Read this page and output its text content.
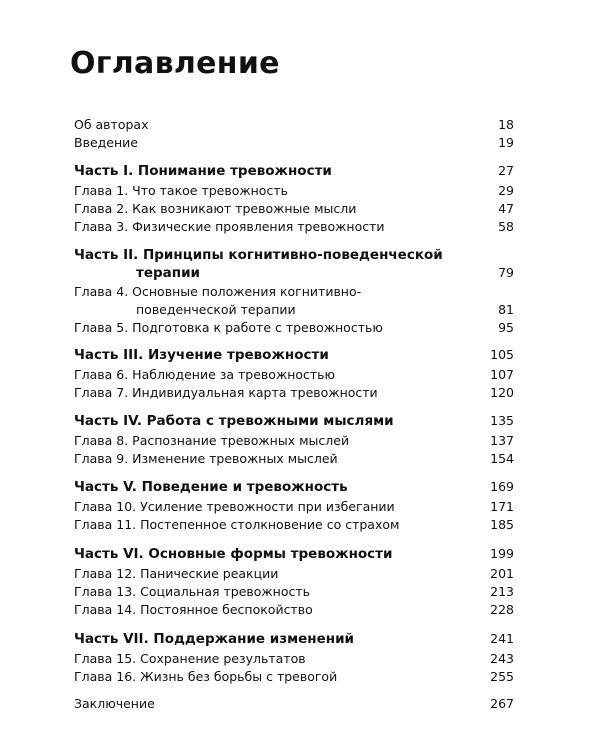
Оглавление
Об авторах	18
Введение	19
Часть I. Понимание тревожности	27
Глава 1. Что такое тревожность	29
Глава 2. Как возникают тревожные мысли	47
Глава 3. Физические проявления тревожности	58
Часть II. Принципы когнитивно-поведенческой
терапии	79
Глава 4. Основные положения когнитивно-
поведенческой терапии	81
Глава 5. Подготовка к работе с тревожностью	95
Часть III. Изучение тревожности	105
Глава 6. Наблюдение за тревожностью	107
Глава 7. Индивидуальная карта тревожности	120
Часть IV. Работа с тревожными мыслями	135
Глава 8. Распознание тревожных мыслей	137
Глава 9. Изменение тревожных мыслей	154
Часть V. Поведение и тревожность	169
Глава 10. Усиление тревожности при избегании	171
Глава 11. Постепенное столкновение со страхом	185
Часть VI. Основные формы тревожности	199
Глава 12. Панические реакции	201
Глава 13. Социальная тревожность	213
Глава 14. Постоянное беспокойство	228
Часть VII. Поддержание изменений	241
Глава 15. Сохранение результатов	243
Глава 16. Жизнь без борьбы с тревогой	255
Заключение	267
